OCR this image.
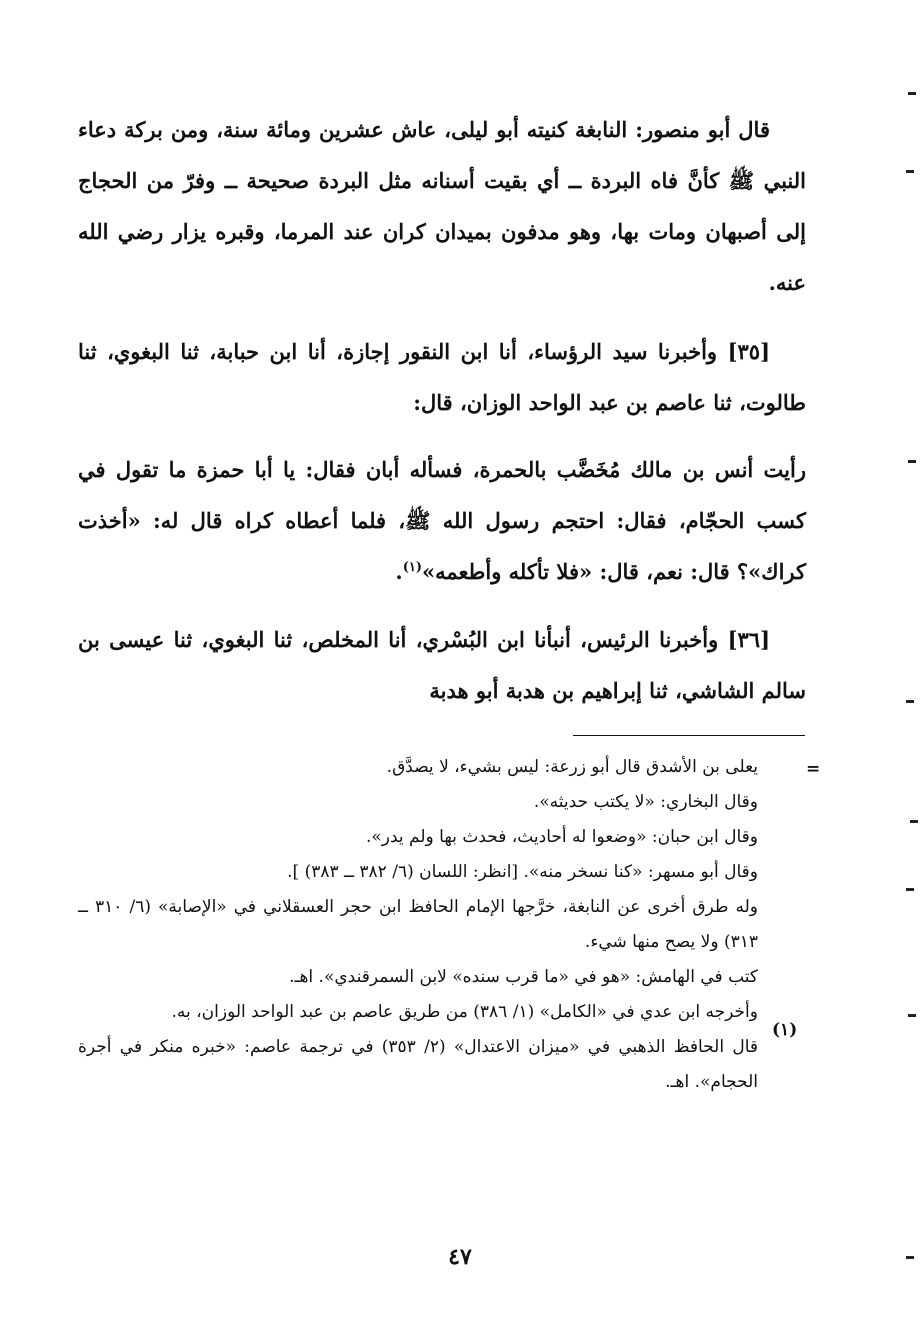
قال أبو منصور: النابغة كنيته أبو ليلى، عاش عشرين ومائة سنة، ومن بركة دعاء النبي ﷺ كأنَّ فاه البردة ــ أي بقيت أسنانه مثل البردة صحيحة ــ وفرّ من الحجاج إلى أصبهان ومات بها، وهو مدفون بميدان كران عند المرما، وقبره يزار رضي الله عنه.

[٣٥] وأخبرنا سيد الرؤساء، أنا ابن النقور إجازة، أنا ابن حبابة، ثنا البغوي، ثنا طالوت، ثنا عاصم بن عبد الواحد الوزان، قال:

رأيت أنس بن مالك مُخَضَّب بالحمرة، فسأله أبان فقال: يا أبا حمزة ما تقول في كسب الحجّام، فقال: احتجم رسول الله ﷺ، فلما أعطاه كراه قال له: «أخذت كراك»؟ قال: نعم، قال: «فلا تأكله وأطعمه»$^{(١)}$.

[٣٦] وأخبرنا الرئيس، أنبأنا ابن البُسْري، أنا المخلص، ثنا البغوي، ثنا عيسى بن سالم الشاشي، ثنا إبراهيم بن هدبة أبو هدبة

=
(١)

يعلى بن الأشدق قال أبو زرعة: ليس بشيء، لا يصدَّق.

وقال البخاري: «لا يكتب حديثه».

وقال ابن حبان: «وضعوا له أحاديث، فحدث بها ولم يدر».

وقال أبو مسهر: «كنا نسخر منه». [انظر: اللسان (٦/ ٣٨٢ ــ ٣٨٣) ].

وله طرق أخرى عن النابغة، خرَّجها الإمام الحافظ ابن حجر العسقلاني في «الإصابة» (٦/ ٣١٠ ــ ٣١٣) ولا يصح منها شيء.

كتب في الهامش: «هو في «ما قرب سنده» لابن السمرقندي». اهـ.

وأخرجه ابن عدي في «الكامل» (١/ ٣٨٦) من طريق عاصم بن عبد الواحد الوزان، به.

قال الحافظ الذهبي في «ميزان الاعتدال» (٢/ ٣٥٣) في ترجمة عاصم: «خبره منكر في أجرة الحجام». اهـ.

٤٧
